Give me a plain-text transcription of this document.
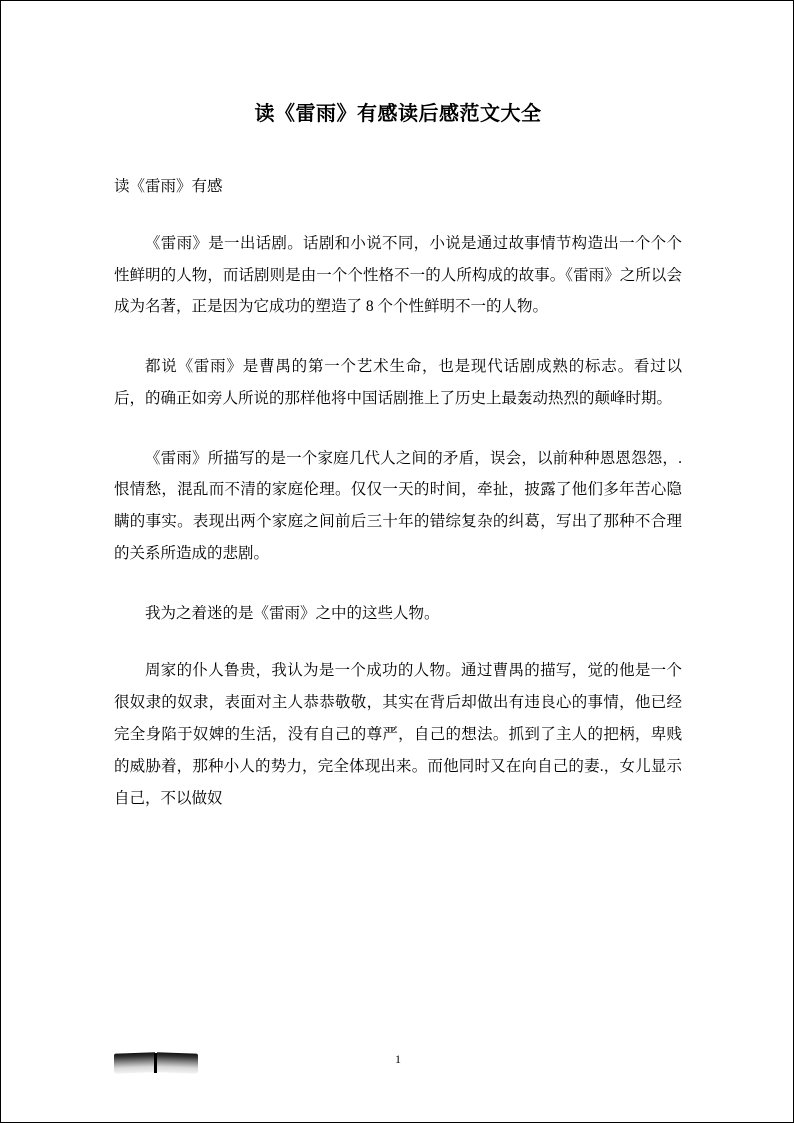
读《雷雨》有感读后感范文大全
读《雷雨》有感

《雷雨》是一出话剧。话剧和小说不同，小说是通过故事情节构造出一个个个性鲜明的人物，而话剧则是由一个个性格不一的人所构成的故事。《雷雨》之所以会成为名著，正是因为它成功的塑造了 8 个个性鲜明不一的人物。

都说《雷雨》是曹禺的第一个艺术生命，也是现代话剧成熟的标志。看过以后，的确正如旁人所说的那样他将中国话剧推上了历史上最轰动热烈的颠峰时期。

《雷雨》所描写的是一个家庭几代人之间的矛盾，误会，以前种种恩恩怨怨，. 恨情愁，混乱而不清的家庭伦理。仅仅一天的时间，牵扯，披露了他们多年苦心隐瞒的事实。表现出两个家庭之间前后三十年的错综复杂的纠葛，写出了那种不合理的关系所造成的悲剧。

我为之着迷的是《雷雨》之中的这些人物。

周家的仆人鲁贵，我认为是一个成功的人物。通过曹禺的描写，觉的他是一个很奴隶的奴隶，表面对主人恭恭敬敬，其实在背后却做出有违良心的事情，他已经完全身陷于奴婢的生活，没有自己的尊严，自己的想法。抓到了主人的把柄，卑贱的威胁着，那种小人的势力，完全体现出来。而他同时又在向自己的妻.，女儿显示自己，不以做奴

1
